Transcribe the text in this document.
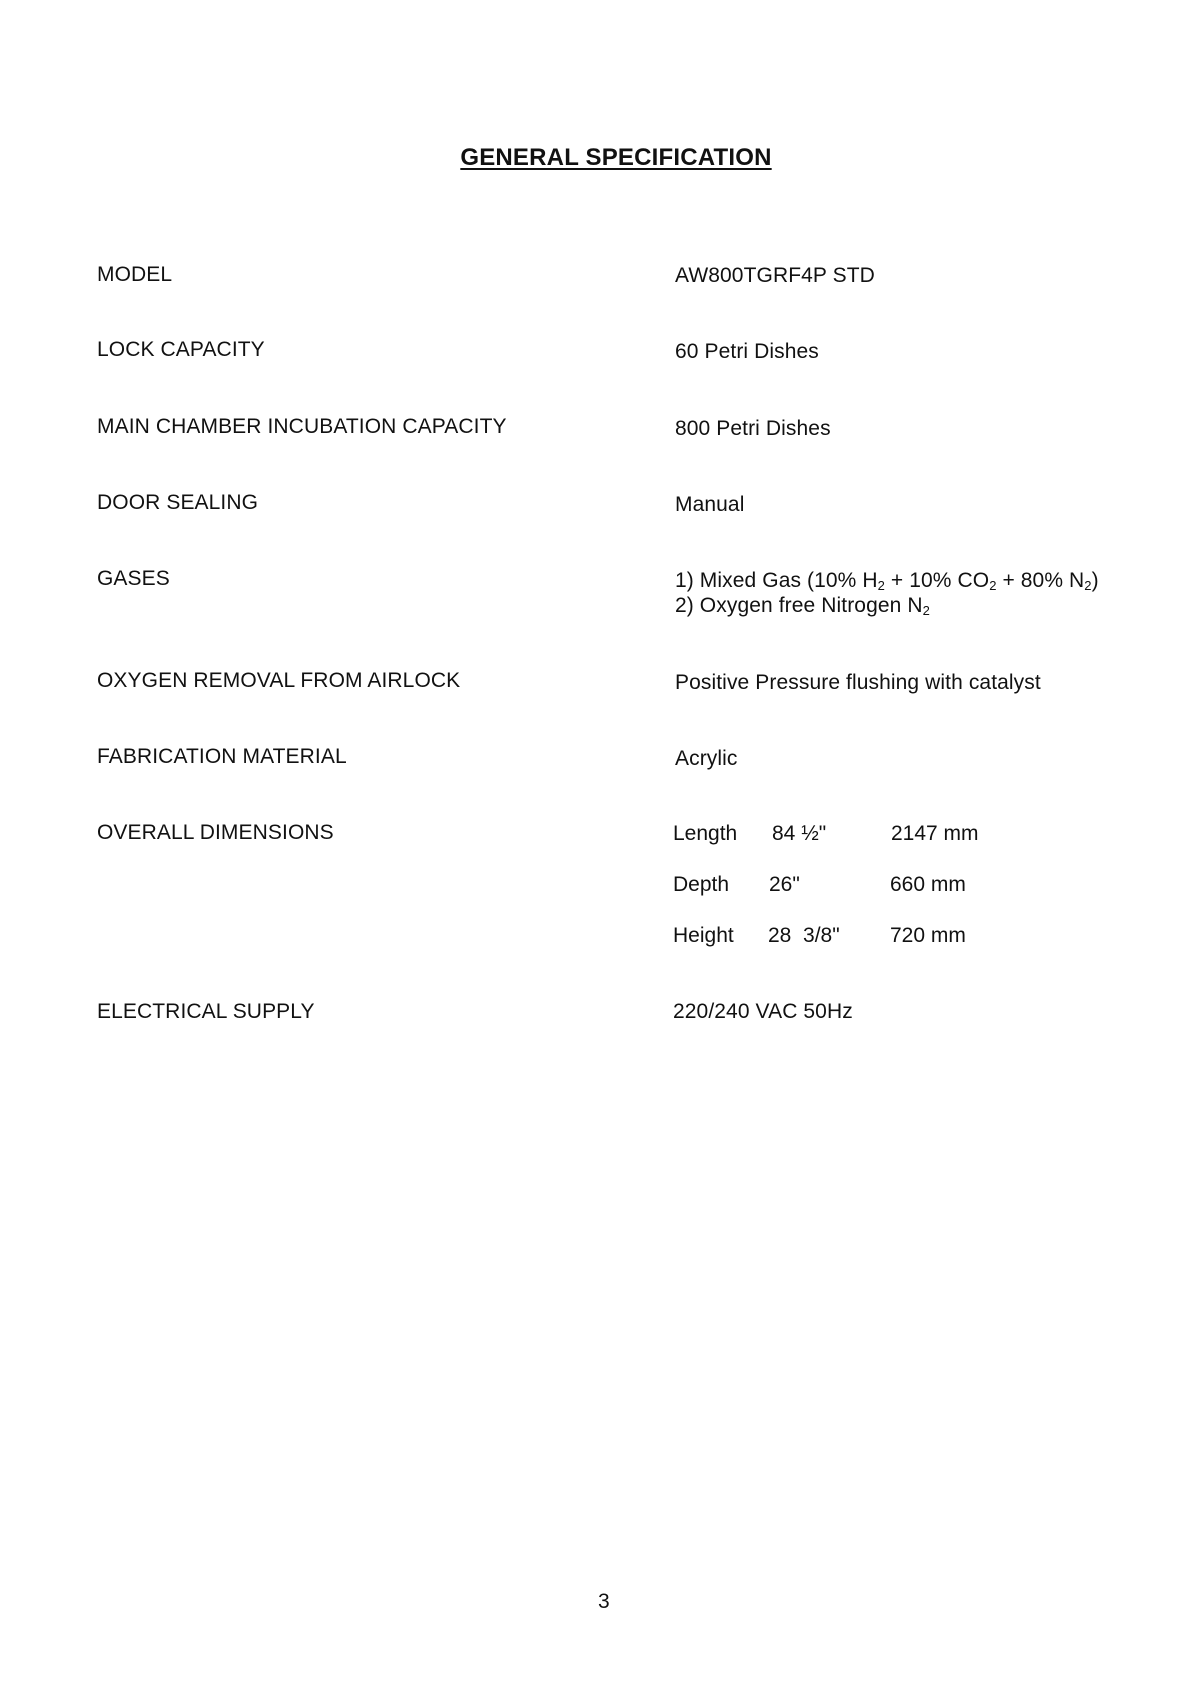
GENERAL SPECIFICATION
MODEL	AW800TGRF4P STD
LOCK CAPACITY	60 Petri Dishes
MAIN CHAMBER INCUBATION CAPACITY	800 Petri Dishes
DOOR SEALING	Manual
GASES	1) Mixed Gas (10% $H_2 + 10\%$ $CO_2 + 80\%$ $N_2$)
2) Oxygen free Nitrogen $N_2$
OXYGEN REMOVAL FROM AIRLOCK	Positive Pressure flushing with catalyst
FABRICATION MATERIAL	Acrylic
OVERALL DIMENSIONS	Length 84 ½"	2147 mm
Depth 26"	660 mm
Height 28  3/8" 720 mm
ELECTRICAL SUPPLY	220/240 VAC 50Hz
3
